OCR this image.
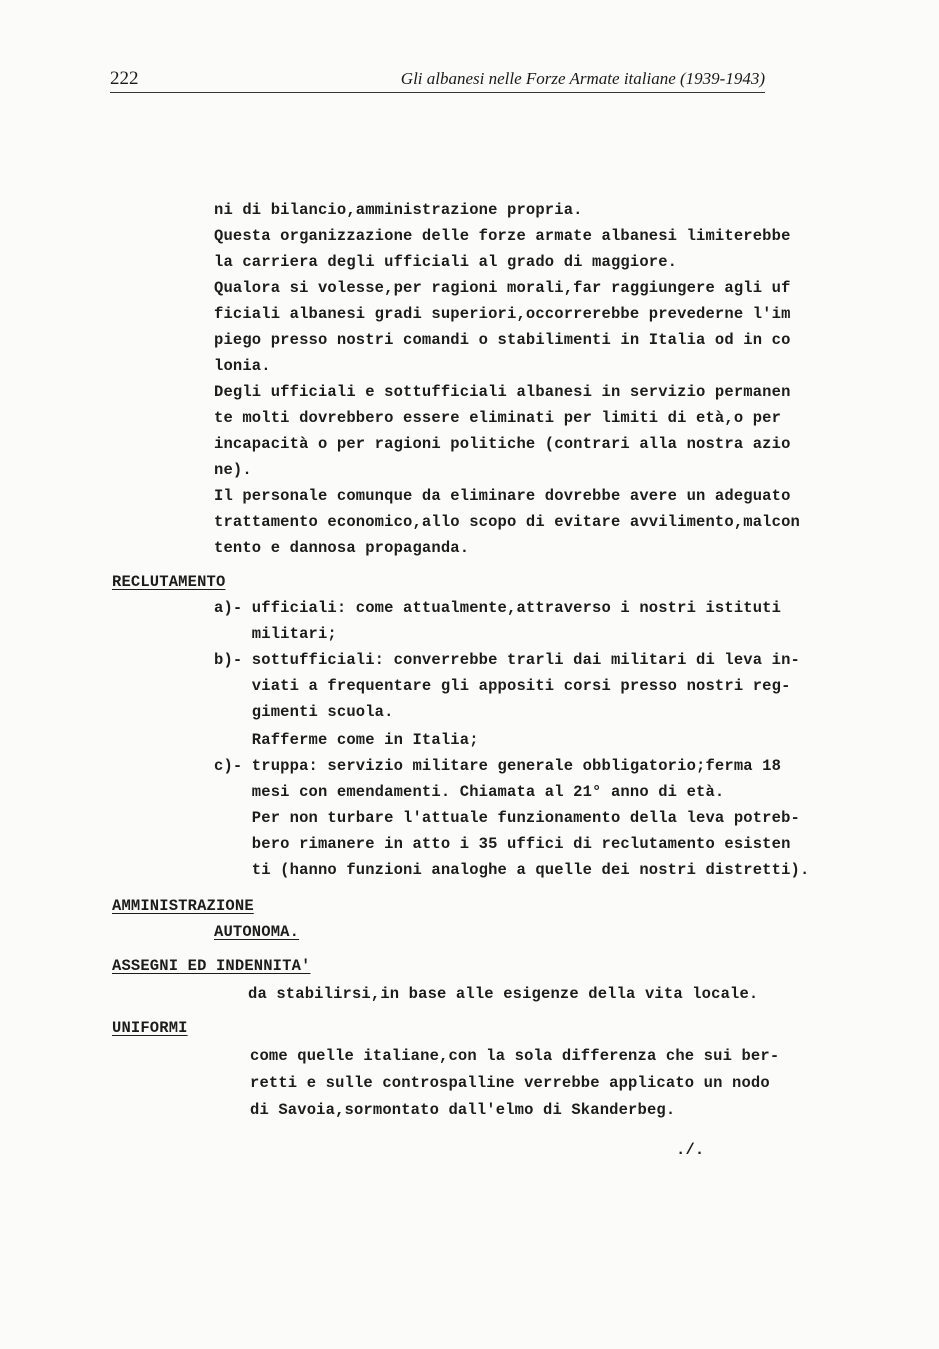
222	Gli albanesi nelle Forze Armate italiane (1939-1943)
ni di bilancio,amministrazione propria.
Questa organizzazione delle forze armate albanesi limiterebbe
la carriera degli ufficiali al grado di maggiore.
Qualora si volesse,per ragioni morali,far raggiungere agli uf
ficiali albanesi gradi superiori,occorrerebbe prevederne l'im
piego presso nostri comandi o stabilimenti in Italia od in co
lonia.
Degli ufficiali e sottufficiali albanesi in servizio permanen
te molti dovrebbero essere eliminati per limiti di età,o per
incapacità o per ragioni politiche (contrari alla nostra azio
ne).
Il personale comunque da eliminare dovrebbe avere un adeguato
trattamento economico,allo scopo di evitare avvilimento,malcon
tento e dannosa propaganda.
RECLUTAMENTO
a)- ufficiali: come attualmente,attraverso i nostri istituti
militari;
b)- sottufficiali: converrebbe trarli dai militari di leva in-
viati a frequentare gli appositi corsi presso nostri reg-
gimenti scuola.
Rafferme come in Italia;
c)- truppa: servizio militare generale obbligatorio;ferma 18
mesi con emendamenti. Chiamata al 21° anno di età.
Per non turbare l'attuale funzionamento della leva potreb-
bero rimanere in atto i 35 uffici di reclutamento esisten
ti (hanno funzioni analoghe a quelle dei nostri distretti).
AMMINISTRAZIONE
AUTONOMA.
ASSEGNI ED INDENNITA'
da stabilirsi,in base alle esigenze della vita locale.
UNIFORMI
come quelle italiane,con la sola differenza che sui ber-
retti e sulle controspalline verrebbe applicato un nodo
di Savoia,sormontato dall'elmo di Skanderbeg.
./.
